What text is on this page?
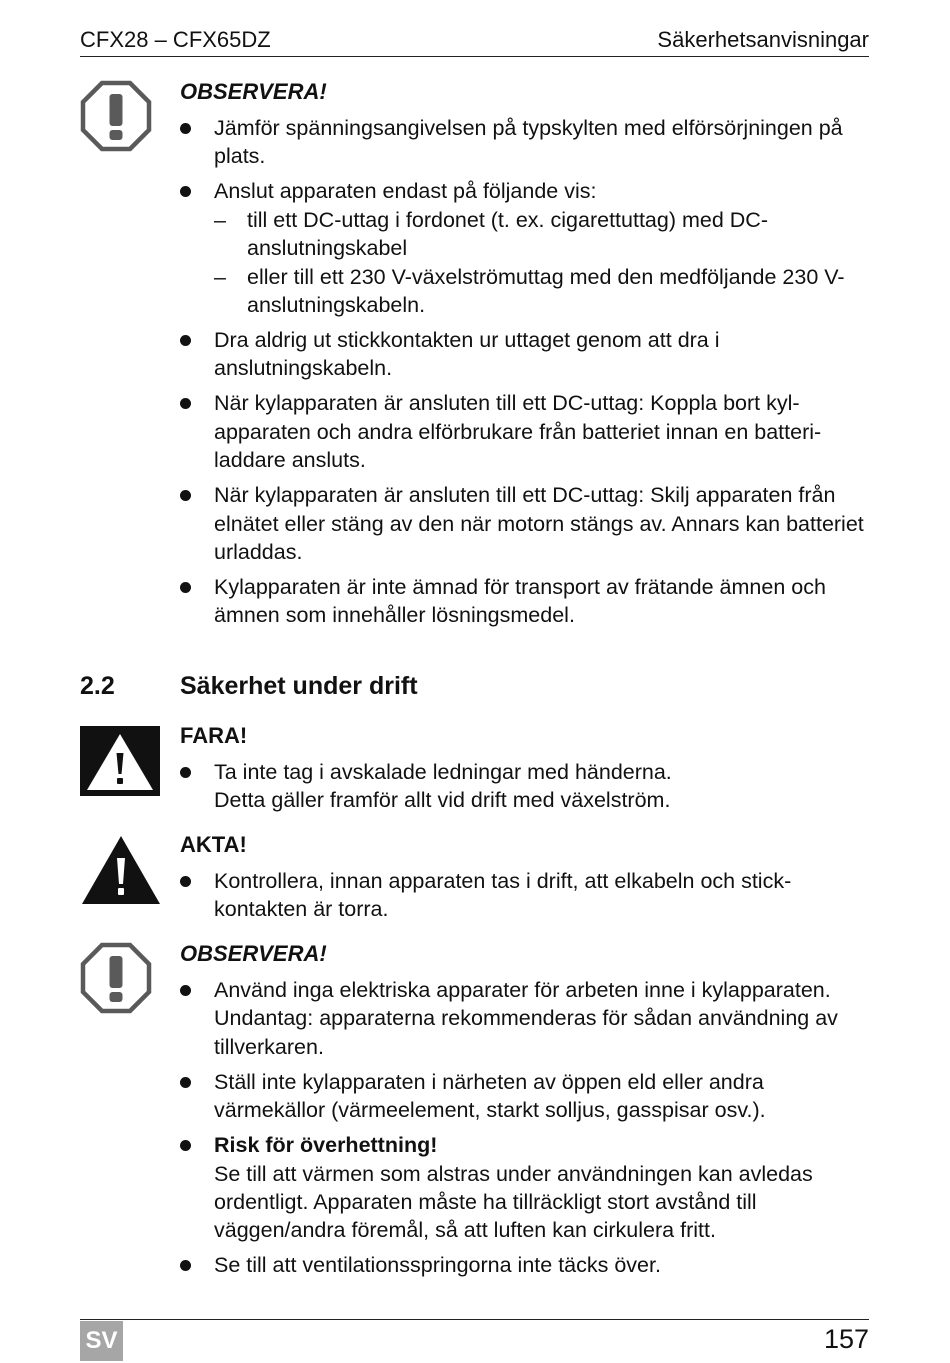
CFX28 – CFX65DZ	Säkerhetsanvisningar
OBSERVERA!
Jämför spänningsangivelsen på typskylten med elförsörjningen på plats.
Anslut apparaten endast på följande vis:
– till ett DC-uttag i fordonet (t. ex. cigarettuttag) med DC-anslutningskabel
– eller till ett 230 V-växelströmuttag med den medföljande 230 V-anslutningskabeln.
Dra aldrig ut stickkontakten ur uttaget genom att dra i anslutningskabeln.
När kylapparaten är ansluten till ett DC-uttag: Koppla bort kyl-apparaten och andra elförbrukare från batteriet innan en batteri-laddare ansluts.
När kylapparaten är ansluten till ett DC-uttag: Skilj apparaten från elnätet eller stäng av den när motorn stängs av. Annars kan batteriet urladdas.
Kylapparaten är inte ämnad för transport av frätande ämnen och ämnen som innehåller lösningsmedel.
2.2	Säkerhet under drift
FARA!
Ta inte tag i avskalade ledningar med händerna.
Detta gäller framför allt vid drift med växelström.
AKTA!
Kontrollera, innan apparaten tas i drift, att elkabeln och stick-kontakten är torra.
OBSERVERA!
Använd inga elektriska apparater för arbeten inne i kylapparaten. Undantag: apparaterna rekommenderas för sådan användning av tillverkaren.
Ställ inte kylapparaten i närheten av öppen eld eller andra värmekällor (värmeelement, starkt solljus, gasspisar osv.).
Risk för överhettning!
Se till att värmen som alstras under användningen kan avledas ordentligt. Apparaten måste ha tillräckligt stort avstånd till väggen/andra föremål, så att luften kan cirkulera fritt.
Se till att ventilationsspringorna inte täcks över.
SV	157
